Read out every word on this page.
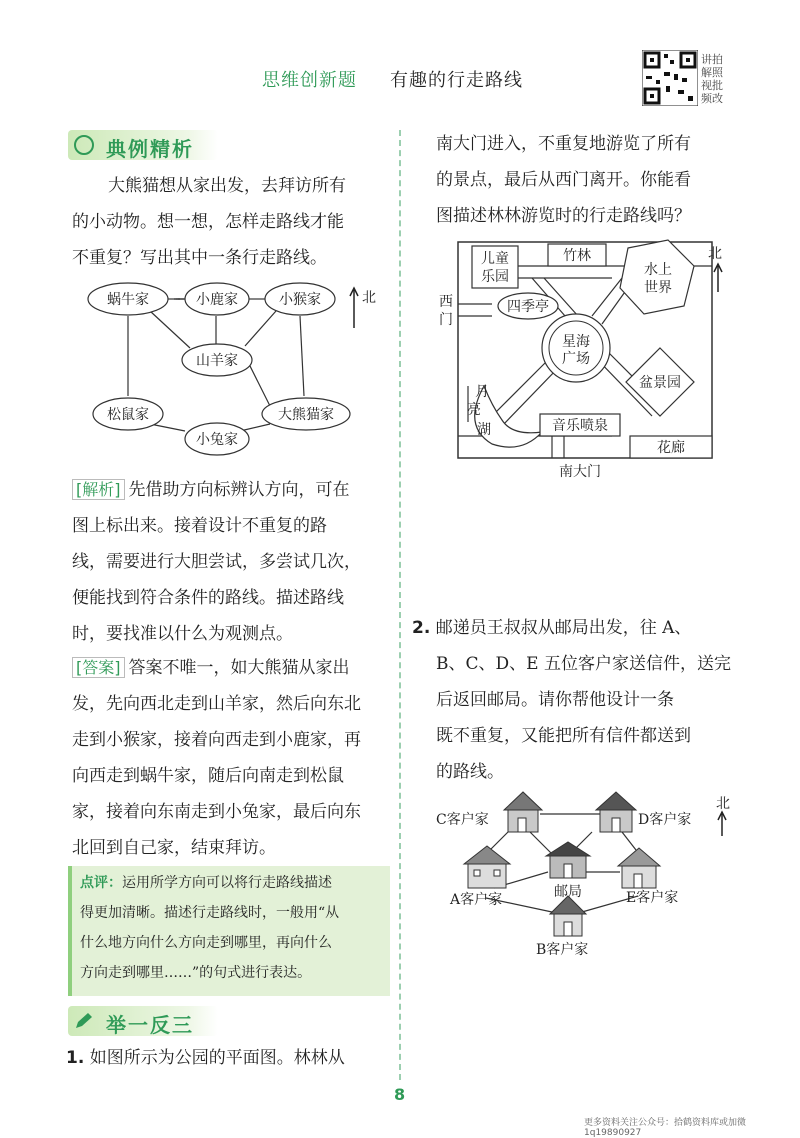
思维创新题 有趣的行走路线
讲拍解照视批频改
典例精析
大熊猫想从家出发，去拜访所有
的小动物。想一想，怎样走路线才能
不重复？写出其中一条行走路线。
蜗牛家	小鹿家	小猴家
山羊家
松鼠家	大熊猫家
小兔家
北
[解析] 先借助方向标辨认方向，可在
图上标出来。接着设计不重复的路
线，需要进行大胆尝试，多尝试几次，
便能找到符合条件的路线。描述路线
时，要找准以什么为观测点。
[答案] 答案不唯一，如大熊猫从家出
发，先向西北走到山羊家，然后向东北
走到小猴家，接着向西走到小鹿家，再
向西走到蜗牛家，随后向南走到松鼠
家，接着向东南走到小兔家，最后向东
北回到自己家，结束拜访。
点评：运用所学方向可以将行走路线描述
得更加清晰。描述行走路线时，一般用“从
什么地方向什么方向走到哪里，再向什么
方向走到哪里……”的句式进行表达。
举一反三
1. 如图所示为公园的平面图。林林从
南大门进入，不重复地游览了所有
的景点，最后从西门离开。你能看
图描述林林游览时的行走路线吗？
儿童
乐园
竹林
水上
世界
四季亭
星海
广场
盆景园
音乐喷泉
花廊
月
亮
湖
西
门
南大门
北
2. 邮递员王叔叔从邮局出发，往 A、
B、C、D、E 五位客户家送信件，送完
后返回邮局。请你帮他设计一条
既不重复，又能把所有信件都送到
的路线。
C客户家	D客户家
A客户家	E客户家
B客户家
邮局
北
8
更多资料关注公众号：拾鹤资料库或加微 1q19890927
